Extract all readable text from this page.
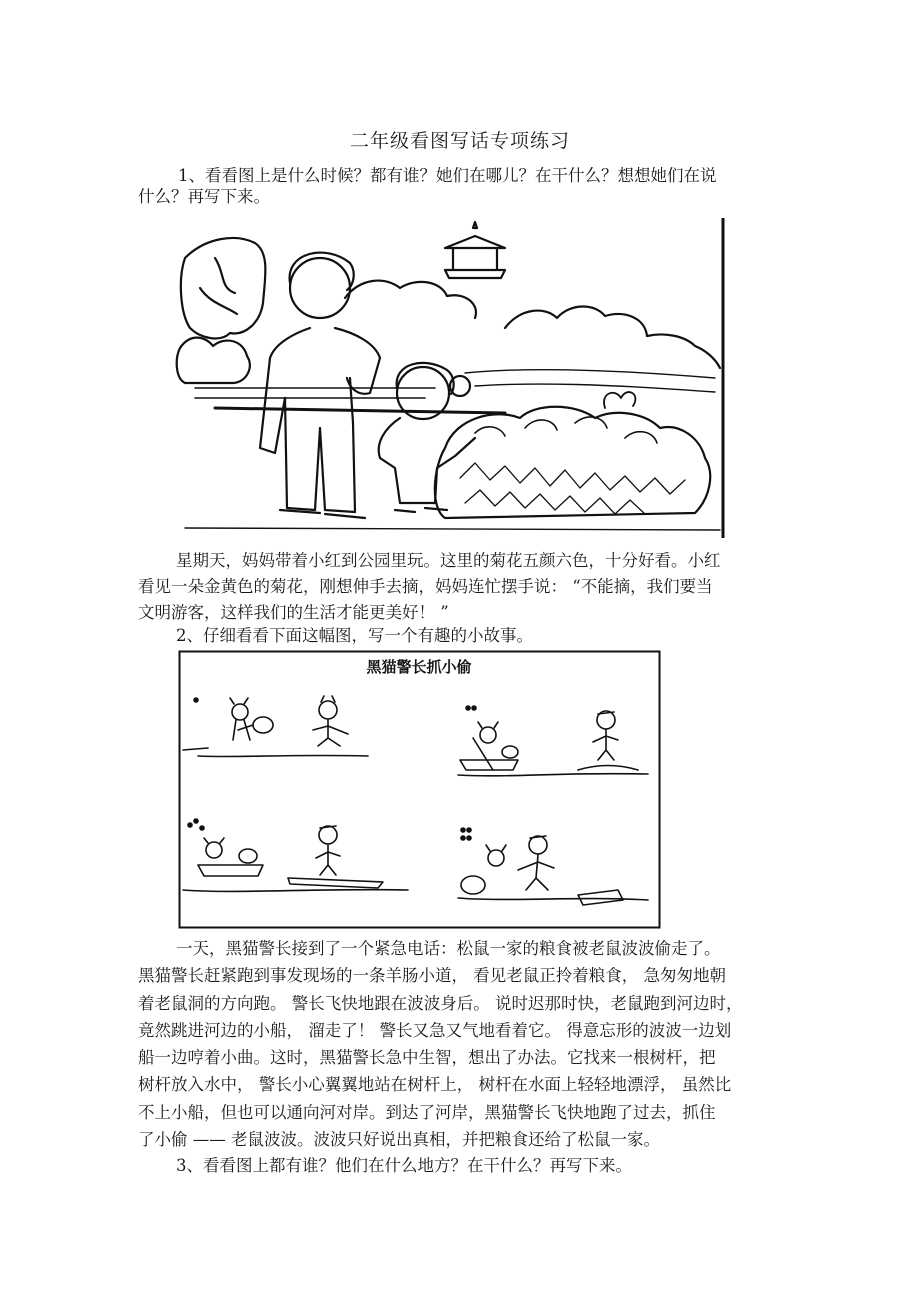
二年级看图写话专项练习

1、看看图上是什么时候？都有谁？她们在哪儿？在干什么？想想她们在说
什么？再写下来。

星期天，妈妈带着小红到公园里玩。这里的菊花五颜六色，十分好看。小红
看见一朵金黄色的菊花，刚想伸手去摘，妈妈连忙摆手说： “不能摘，我们要当
文明游客，这样我们的生活才能更美好！ ”

2、仔细看看下面这幅图，写一个有趣的小故事。

黑猫警长抓小偷

一天，黑猫警长接到了一个紧急电话：松鼠一家的粮食被老鼠波波偷走了。
黑猫警长赶紧跑到事发现场的一条羊肠小道， 看见老鼠正拎着粮食， 急匆匆地朝
着老鼠洞的方向跑。 警长飞快地跟在波波身后。 说时迟那时快，老鼠跑到河边时，
竟然跳进河边的小船， 溜走了！ 警长又急又气地看着它。 得意忘形的波波一边划
船一边哼着小曲。这时，黑猫警长急中生智，想出了办法。它找来一根树杆，把
树杆放入水中， 警长小心翼翼地站在树杆上， 树杆在水面上轻轻地漂浮， 虽然比
不上小船，但也可以通向河对岸。到达了河岸，黑猫警长飞快地跑了过去，抓住
了小偷 —— 老鼠波波。波波只好说出真相，并把粮食还给了松鼠一家。

3、看看图上都有谁？他们在什么地方？在干什么？再写下来。
